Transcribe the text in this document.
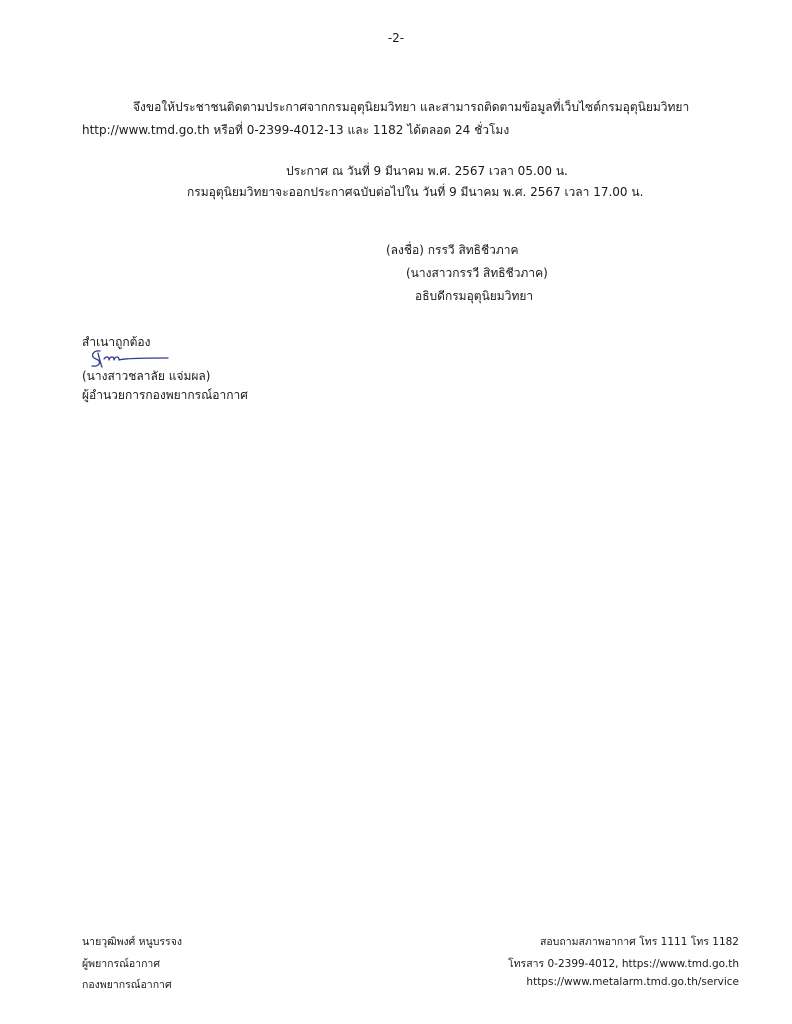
-2-
จึงขอให้ประชาชนติดตามประกาศจากกรมอุตุนิยมวิทยา และสามารถติดตามข้อมูลที่เว็บไซต์กรมอุตุนิยมวิทยา
http://www.tmd.go.th หรือที่ 0-2399-4012-13 และ 1182 ได้ตลอด 24 ชั่วโมง
ประกาศ ณ วันที่ 9 มีนาคม พ.ศ. 2567 เวลา 05.00 น.
กรมอุตุนิยมวิทยาจะออกประกาศฉบับต่อไปใน วันที่ 9 มีนาคม พ.ศ. 2567 เวลา 17.00 น.
(ลงชื่อ) กรรวี สิทธิชีวภาค
(นางสาวกรรวี สิทธิชีวภาค)
อธิบดีกรมอุตุนิยมวิทยา
สำเนาถูกต้อง
(นางสาวชลาลัย แจ่มผล)
ผู้อำนวยการกองพยากรณ์อากาศ
นายวุฒิพงศ์ หนูบรรจง
ผู้พยากรณ์อากาศ
กองพยากรณ์อากาศ
สอบถามสภาพอากาศ โทร 1111 โทร 1182
โทรสาร 0-2399-4012, https://www.tmd.go.th
https://www.metalarm.tmd.go.th/service
